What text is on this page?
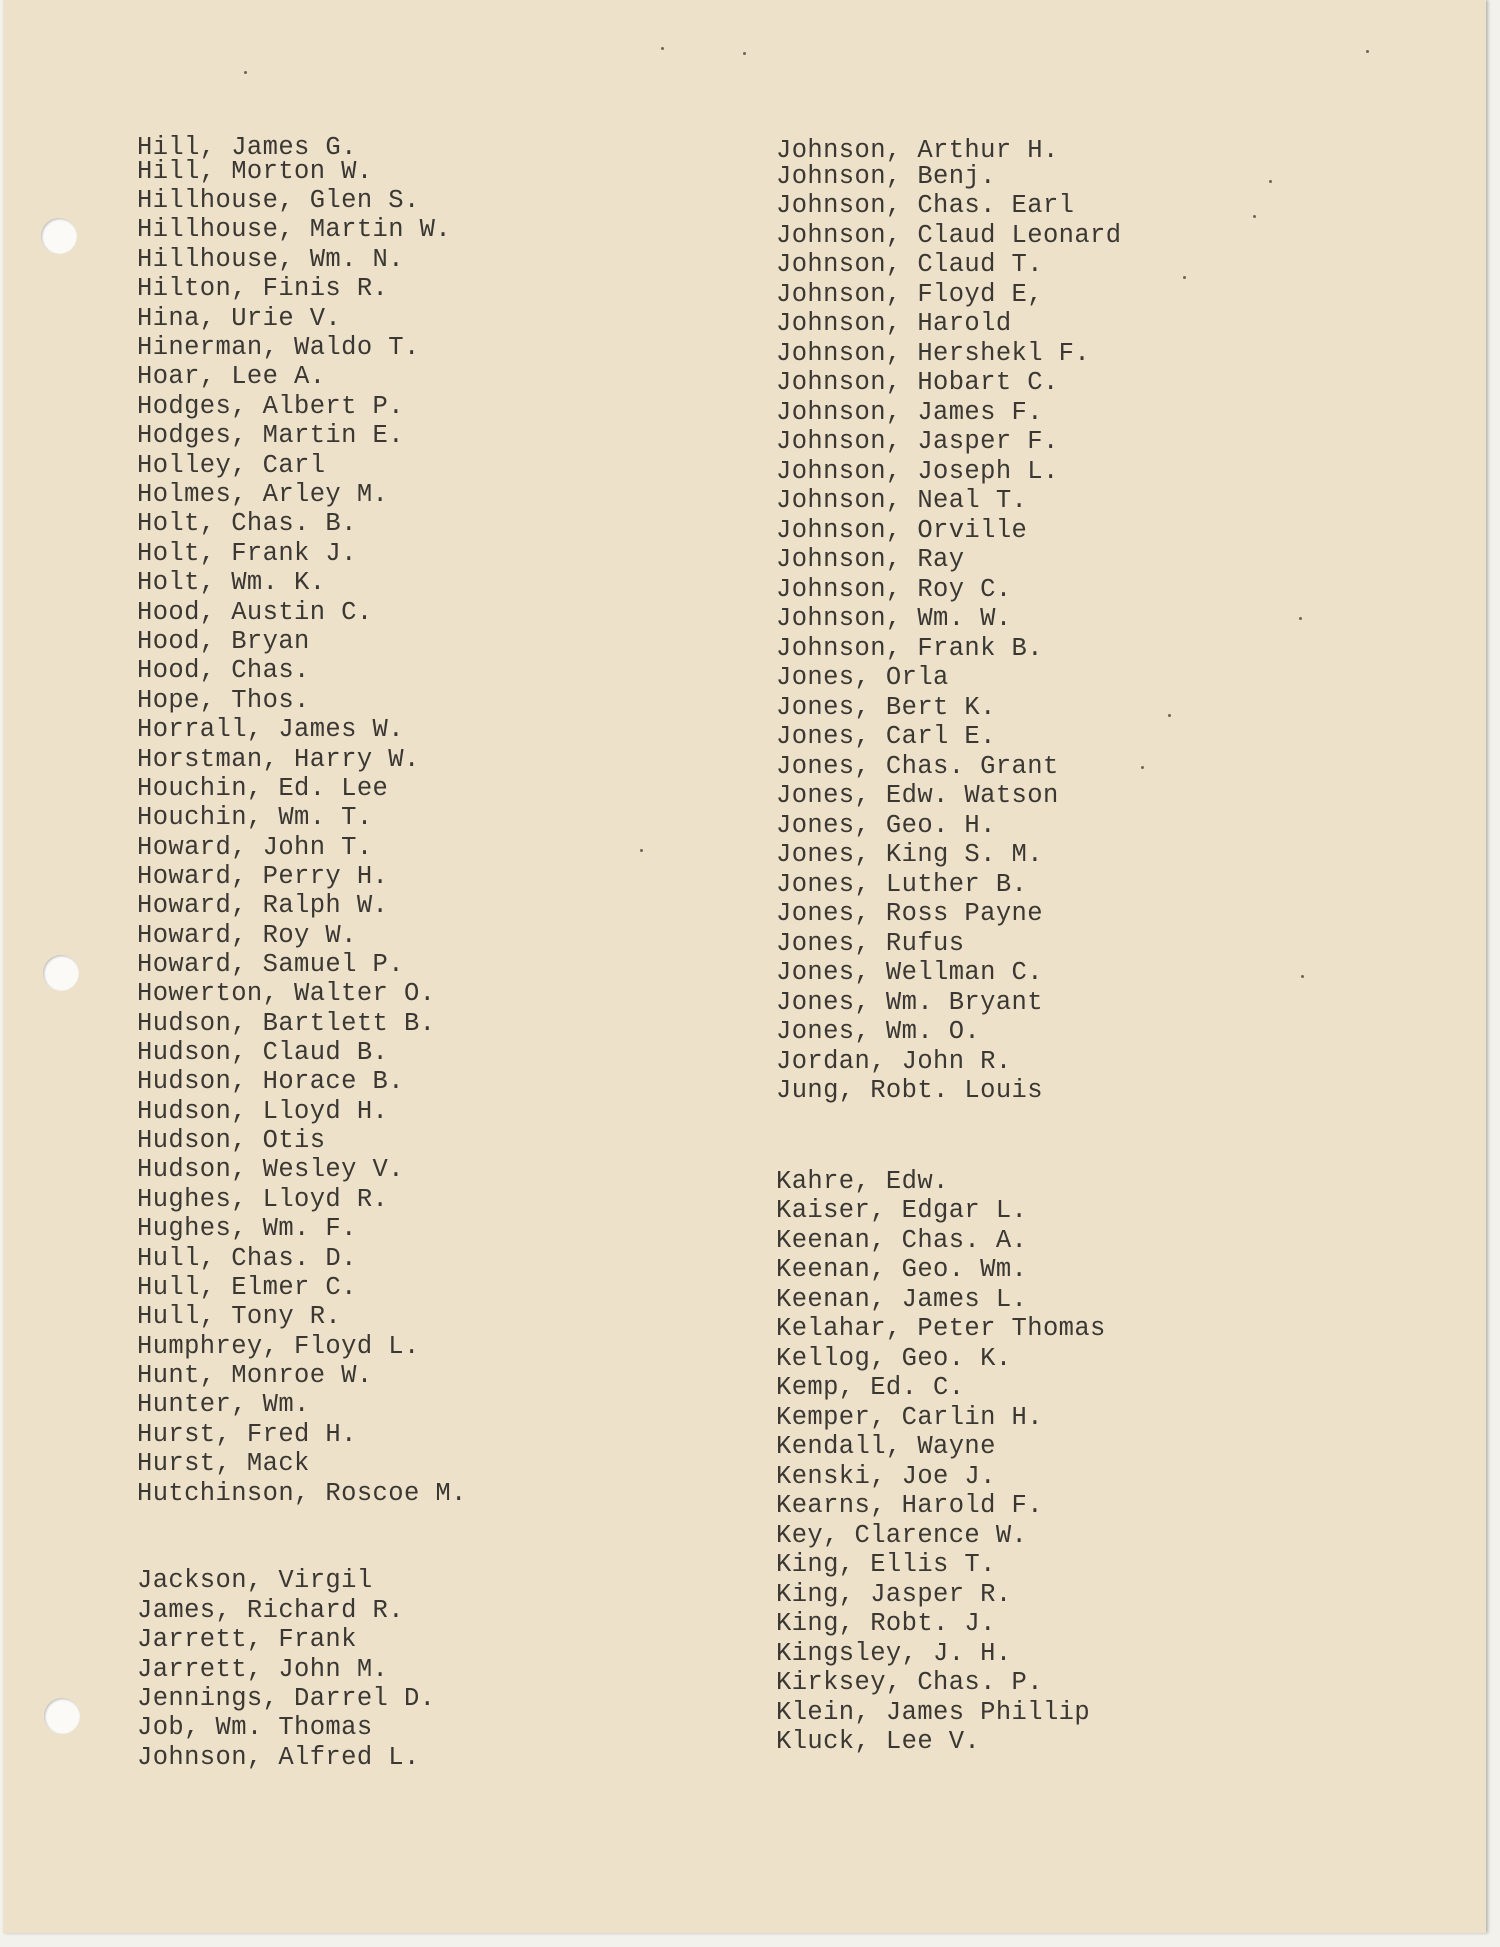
Hill, James G.
Hill, Morton W.
Hillhouse, Glen S.
Hillhouse, Martin W.
Hillhouse, Wm. N.
Hilton, Finis R.
Hina, Urie V.
Hinerman, Waldo T.
Hoar, Lee A.
Hodges, Albert P.
Hodges, Martin E.
Holley, Carl
Holmes, Arley M.
Holt, Chas. B.
Holt, Frank J.
Holt, Wm. K.
Hood, Austin C.
Hood, Bryan
Hood, Chas.
Hope, Thos.
Horrall, James W.
Horstman, Harry W.
Houchin, Ed. Lee
Houchin, Wm. T.
Howard, John T.
Howard, Perry H.
Howard, Ralph W.
Howard, Roy W.
Howard, Samuel P.
Howerton, Walter O.
Hudson, Bartlett B.
Hudson, Claud B.
Hudson, Horace B.
Hudson, Lloyd H.
Hudson, Otis
Hudson, Wesley V.
Hughes, Lloyd R.
Hughes, Wm. F.
Hull, Chas. D.
Hull, Elmer C.
Hull, Tony R.
Humphrey, Floyd L.
Hunt, Monroe W.
Hunter, Wm.
Hurst, Fred H.
Hurst, Mack
Hutchinson, Roscoe M.
Jackson, Virgil
James, Richard R.
Jarrett, Frank
Jarrett, John M.
Jennings, Darrel D.
Job, Wm. Thomas
Johnson, Alfred L.
Johnson, Arthur H.
Johnson, Benj.
Johnson, Chas. Earl
Johnson, Claud Leonard
Johnson, Claud T.
Johnson, Floyd E,
Johnson, Harold
Johnson, Hershekl F.
Johnson, Hobart C.
Johnson, James F.
Johnson, Jasper F.
Johnson, Joseph L.
Johnson, Neal T.
Johnson, Orville
Johnson, Ray
Johnson, Roy C.
Johnson, Wm. W.
Johnson, Frank B.
Jones, Orla
Jones, Bert K.
Jones, Carl E.
Jones, Chas. Grant
Jones, Edw. Watson
Jones, Geo. H.
Jones, King S. M.
Jones, Luther B.
Jones, Ross Payne
Jones, Rufus
Jones, Wellman C.
Jones, Wm. Bryant
Jones, Wm. O.
Jordan, John R.
Jung, Robt. Louis
Kahre, Edw.
Kaiser, Edgar L.
Keenan, Chas. A.
Keenan, Geo. Wm.
Keenan, James L.
Kelahar, Peter Thomas
Kellog, Geo. K.
Kemp, Ed. C.
Kemper, Carlin H.
Kendall, Wayne
Kenski, Joe J.
Kearns, Harold F.
Key, Clarence W.
King, Ellis T.
King, Jasper R.
King, Robt. J.
Kingsley, J. H.
Kirksey, Chas. P.
Klein, James Phillip
Kluck, Lee V.
